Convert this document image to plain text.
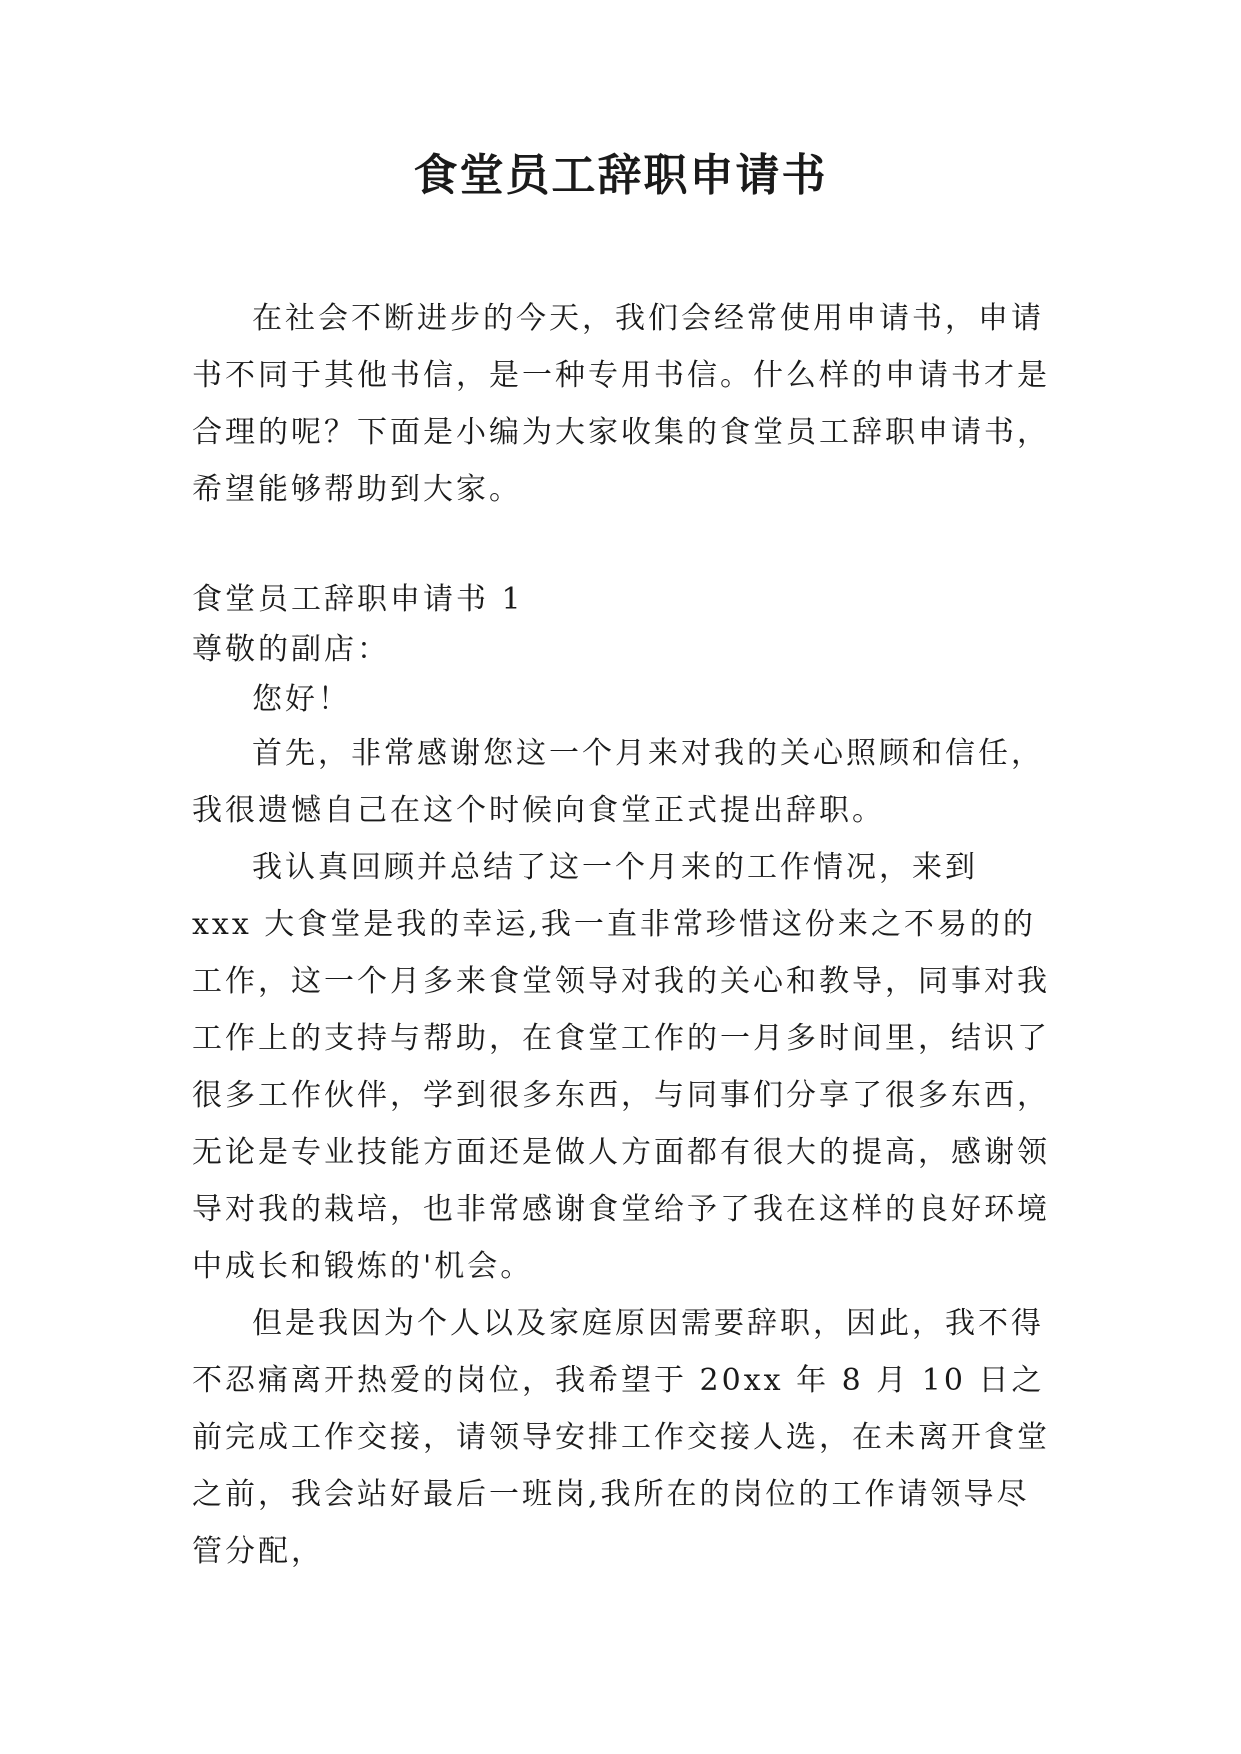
食堂员工辞职申请书

在社会不断进步的今天，我们会经常使用申请书，申请书不同于其他书信，是一种专用书信。什么样的申请书才是合理的呢？下面是小编为大家收集的食堂员工辞职申请书，希望能够帮助到大家。

食堂员工辞职申请书 1

尊敬的副店：

您好！

首先，非常感谢您这一个月来对我的关心照顾和信任，我很遗憾自己在这个时候向食堂正式提出辞职。

我认真回顾并总结了这一个月来的工作情况，来到 xxx 大食堂是我的幸运,我一直非常珍惜这份来之不易的的工作，这一个月多来食堂领导对我的关心和教导，同事对我工作上的支持与帮助，在食堂工作的一月多时间里，结识了很多工作伙伴，学到很多东西，与同事们分享了很多东西，无论是专业技能方面还是做人方面都有很大的提高，感谢领导对我的栽培，也非常感谢食堂给予了我在这样的良好环境中成长和锻炼的'机会。

但是我因为个人以及家庭原因需要辞职，因此，我不得不忍痛离开热爱的岗位，我希望于 20xx 年 8 月 10 日之前完成工作交接，请领导安排工作交接人选，在未离开食堂之前，我会站好最后一班岗,我所在的岗位的工作请领导尽管分配，
